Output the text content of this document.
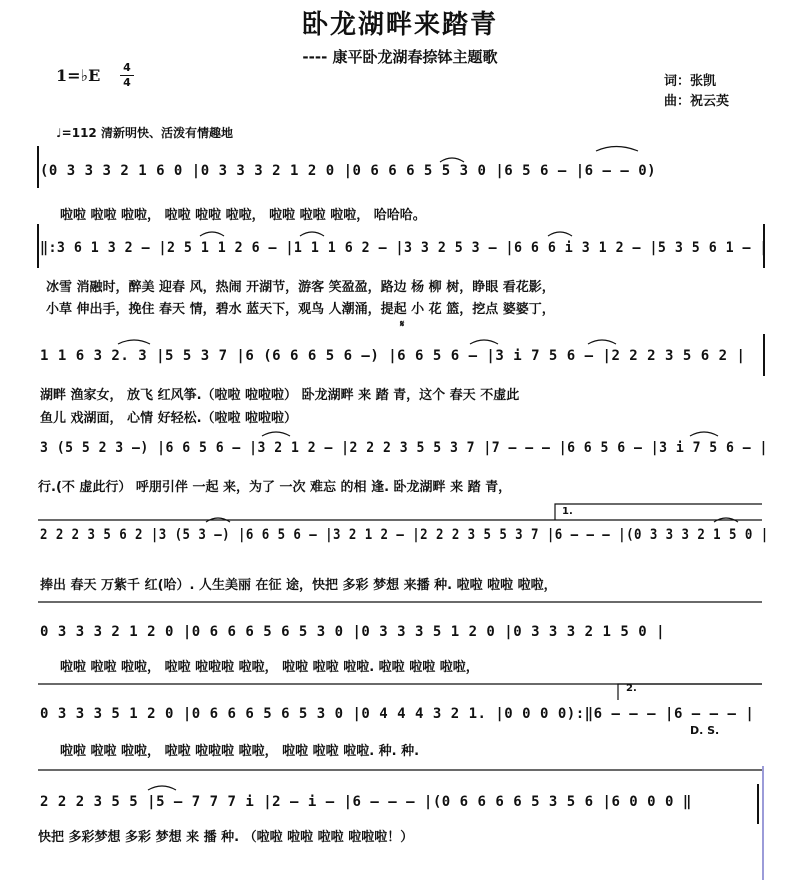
卧龙湖畔来踏青
---- 康平卧龙湖春捺钵主题歌
1=♭E 4
4	词：张凯
曲：祝云英
♩=112 清新明快、活泼有情趣地
(0 3 3 3 2 1 6 0 |0 3 3 3 2 1 2 0 |0 6 6 6 5 5 3 0 |6 5 6 – |6 – – 0)
啦啦 啦啦 啦啦， 啦啦 啦啦 啦啦， 啦啦 啦啦 啦啦， 哈哈哈。
‖:3 6 1 3 2 – |2 5 1 1 2 6 – |1 1 1 6 2 – |3 3 2 5 3 – |6 6 6 i 3 1 2 – |5 3 5 6 1 – |
冰雪 消融时，醉美 迎春 风，热闹 开湖节，游客 笑盈盈，路边 杨 柳 树，睁眼 看花影，
小草 伸出手，挽住 春天 情，碧水 蓝天下，观鸟 人潮涌，提起 小 花 篮，挖点 婆婆丁，
𝄋
1 1 6 3 2. 3 |5 5 3 7 |6 (6 6 6 5 6 –) |6 6 5 6 – |3 i 7 5 6 – |2 2 2 3 5 6 2 |
湖畔 渔家女， 放飞 红风筝.（啦啦 啦啦啦） 卧龙湖畔 来 踏 青，这个 春天 不虚此
鱼儿 戏湖面， 心情 好轻松.（啦啦 啦啦啦）
3 (5 5 2 3 –) |6 6 5 6 – |3 2 1 2 – |2 2 2 3 5 5 3 7 |7 – – – |6 6 5 6 – |3 i 7 5 6 – |
行.(不 虚此行） 呼朋引伴 一起 来，为了 一次 难忘 的相 逢. 卧龙湖畔 来 踏 青，
1.
2 2 2 3 5 6 2 |3 (5 3 –) |6 6 5 6 – |3 2 1 2 – |2 2 2 3 5 5 3 7 |6 – – – |(0 3 3 3 2 1 5 0 |
捧出 春天 万紫千 红(哈）. 人生美丽 在征 途，快把 多彩 梦想 来播 种. 啦啦 啦啦 啦啦，
0 3 3 3 2 1 2 0 |0 6 6 6 5 6 5 3 0 |0 3 3 3 5 1 2 0 |0 3 3 3 2 1 5 0 |
啦啦 啦啦 啦啦， 啦啦 啦啦啦 啦啦， 啦啦 啦啦 啦啦. 啦啦 啦啦 啦啦，
2.
0 3 3 3 5 1 2 0 |0 6 6 6 5 6 5 3 0 |0 4 4 4 3 2 1. |0 0 0 0):‖6 – – – |6 – – – |
D. S.
啦啦 啦啦 啦啦， 啦啦 啦啦啦 啦啦， 啦啦 啦啦 啦啦. 种. 种.
2 2 2 3 5 5 |5 – 7 7 7 i |2 – i – |6 – – – |(0 6 6 6 6 5 3 5 6 |6 0 0 0 ‖
快把 多彩梦想 多彩 梦想 来 播 种. （啦啦 啦啦 啦啦 啦啦啦！）
